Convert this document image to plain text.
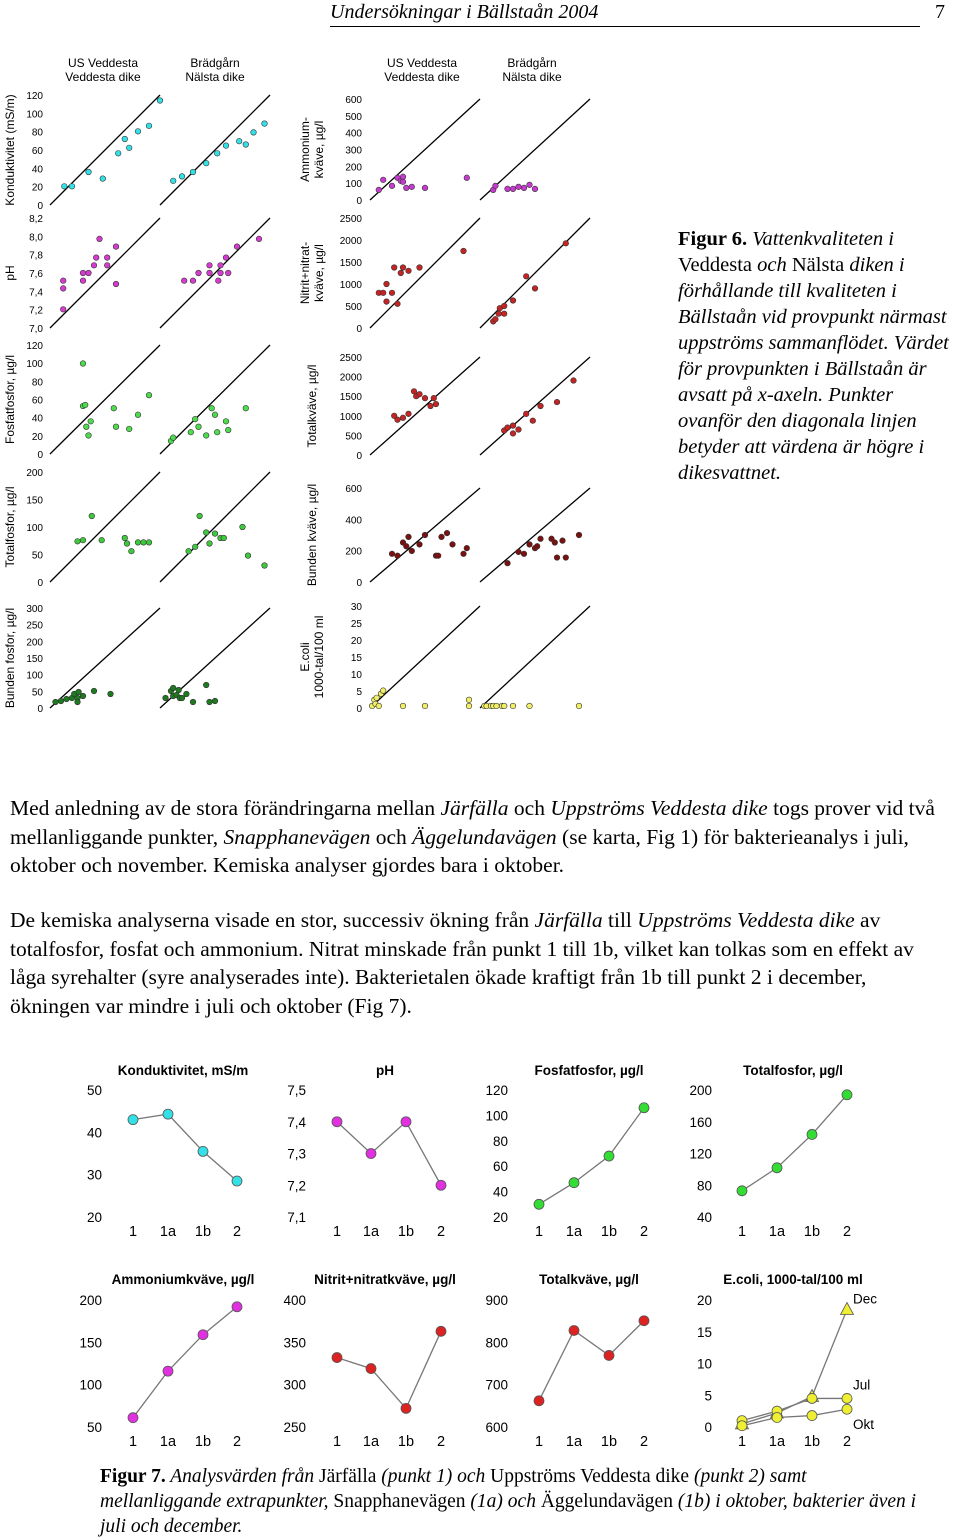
Undersökningar i Bällstaån 2004	7
US Veddesta
Veddesta dike
Brädgårn
Nälsta dike
US Veddesta
Veddesta dike
Brädgårn
Nälsta dike
Konduktivitet (mS/m) 120
100
80
60
40
20
0
pH
8,2
8,0
7,8
7,6
7,4
7,2
7,0
Fosfatfosfor, µg/l
120
100
80
60
40
20
0
Totalfosfor, µg/l
200
150
100
50
0
Bunden fosfor, µg/l 300
250
200
150
100
50
0
Ammonium- kväve, µg/l
600
500
400
300
200
100
0
Nitrit+nitrat- kväve, µg/l
2500
2000
1500
1000
500
0
Totalkväve, µg/l
2500
2000
1500
1000
500
0
Bunden kväve, µg/l	600
400
200
0
E.coli 1000-tal/100 ml
30
25
20
15
10
5
0
Konduktivitet, mS/m
50
40
30
20
1 1a 1b 2
pH
7,5
7,4
7,3
7,2
7,1
1 1a 1b 2
Fosfatfosfor, µg/l
120
100
80
60
40
20
1 1a 1b 2
Totalfosfor, µg/l
200
160
120
80
40
1 1a 1b 2
Ammoniumkväve, µg/l
200
150
100
50
1 1a 1b 2
Nitrit+nitratkväve, µg/l
400
350
300
250
1 1a 1b 2
Totalkväve, µg/l
900
800
700
600
1 1a 1b 2
E.coli, 1000-tal/100 ml
20
15
10
5
0
1 1a 1b 2
Dec
Jul
Okt
Figur 6. Vattenkvaliteten i Veddesta och Nälsta diken i förhållande till kvaliteten i Bällstaån vid provpunkt närmast uppströms sammanflödet. Värdet för provpunkten i Bällstaån är avsatt på x-axeln. Punkter ovanför den diagonala linjen betyder att värdena är högre i dikesvattnet.
Med anledning av de stora förändringarna mellan Järfälla och Uppströms Veddesta dike togs prover vid två mellanliggande punkter, Snapphanevägen och Äggelundavägen (se karta, Fig 1) för bakterieanalys i juli, oktober och november. Kemiska analyser gjordes bara i oktober.
De kemiska analyserna visade en stor, successiv ökning från Järfälla till Uppströms Veddesta dike av totalfosfor, fosfat och ammonium. Nitrat minskade från punkt 1 till 1b, vilket kan tolkas som en effekt av låga syrehalter (syre analyserades inte). Bakterietalen ökade kraftigt från 1b till punkt 2 i december, ökningen var mindre i juli och oktober (Fig 7).
Figur 7. Analysvärden från Järfälla (punkt 1) och Uppströms Veddesta dike (punkt 2) samt mellanliggande extrapunkter, Snapphanevägen (1a) och Äggelundavägen (1b) i oktober, bakterier även i juli och december.
